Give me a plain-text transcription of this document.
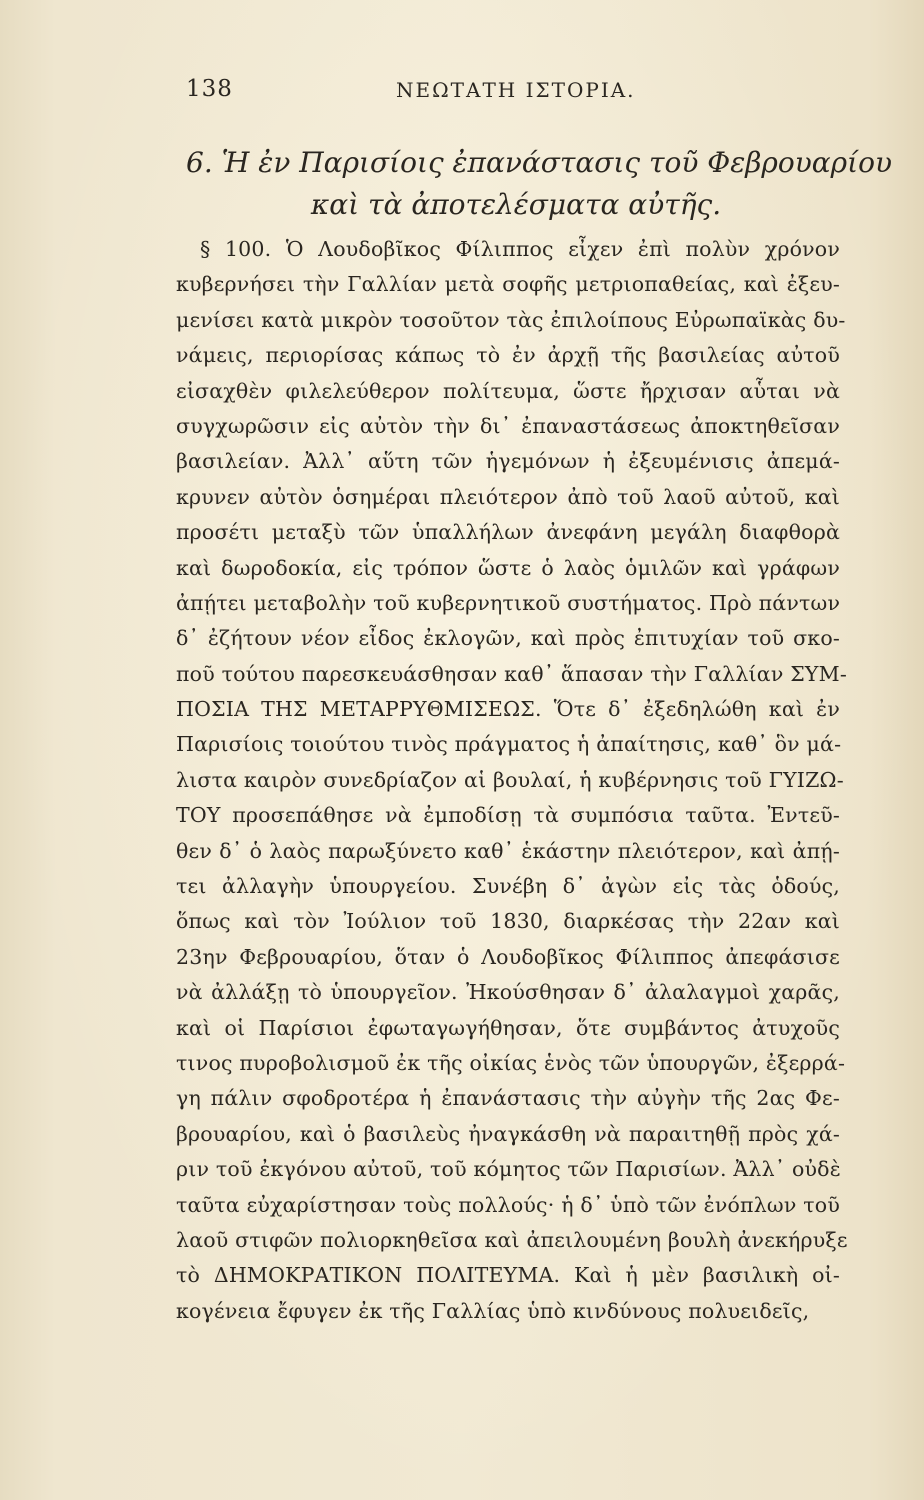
138	ΝΕΩΤΑΤΗ ΙΣΤΟΡΙΑ.
6. Ἡ ἐν Παρισίοις ἐπανάστασις τοῦ Φεβρουαρίου
καὶ τὰ ἀποτελέσματα αὐτῆς.
§ 100. Ὁ Λουδοβῖκος Φίλιππος εἶχεν ἐπὶ πολὺν χρόνον
κυβερνήσει τὴν Γαλλίαν μετὰ σοφῆς μετριοπαθείας, καὶ ἐξευ-
μενίσει κατὰ μικρὸν τοσοῦτον τὰς ἐπιλοίπους Εὐρωπαϊκὰς δυ-
νάμεις, περιορίσας κάπως τὸ ἐν ἀρχῇ τῆς βασιλείας αὐτοῦ
εἰσαχθὲν φιλελεύθερον πολίτευμα, ὥστε ἤρχισαν αὗται νὰ
συγχωρῶσιν εἰς αὐτὸν τὴν δι᾽ ἐπαναστάσεως ἀποκτηθεῖσαν
βασιλείαν. Ἀλλ᾽ αὕτη τῶν ἡγεμόνων ἡ ἐξευμένισις ἀπεμά-
κρυνεν αὐτὸν ὁσημέραι πλειότερον ἀπὸ τοῦ λαοῦ αὐτοῦ, καὶ
προσέτι μεταξὺ τῶν ὑπαλλήλων ἀνεφάνη μεγάλη διαφθορὰ
καὶ δωροδοκία, εἰς τρόπον ὥστε ὁ λαὸς ὁμιλῶν καὶ γράφων
ἀπῄτει μεταβολὴν τοῦ κυβερνητικοῦ συστήματος. Πρὸ πάντων
δ᾽ ἐζήτουν νέον εἶδος ἐκλογῶν, καὶ πρὸς ἐπιτυχίαν τοῦ σκο-
ποῦ τούτου παρεσκευάσθησαν καθ᾽ ἅπασαν τὴν Γαλλίαν ΣΥΜ-
ΠΟΣΙΑ ΤΗΣ ΜΕΤΑΡΡΥΘΜΙΣΕΩΣ. Ὅτε δ᾽ ἐξεδηλώθη καὶ ἐν
Παρισίοις τοιούτου τινὸς πράγματος ἡ ἀπαίτησις, καθ᾽ ὃν μά-
λιστα καιρὸν συνεδρίαζον αἱ βουλαί, ἡ κυβέρνησις τοῦ ΓΥΙΖΩ-
ΤΟΥ προσεπάθησε νὰ ἐμποδίσῃ τὰ συμπόσια ταῦτα. Ἐντεῦ-
θεν δ᾽ ὁ λαὸς παρωξύνετο καθ᾽ ἑκάστην πλειότερον, καὶ ἀπῄ-
τει ἀλλαγὴν ὑπουργείου. Συνέβη δ᾽ ἀγὼν εἰς τὰς ὁδούς,
ὅπως καὶ τὸν Ἰούλιον τοῦ 1830, διαρκέσας τὴν 22αν καὶ
23ην Φεβρουαρίου, ὅταν ὁ Λουδοβῖκος Φίλιππος ἀπεφάσισε
νὰ ἀλλάξῃ τὸ ὑπουργεῖον. Ἠκούσθησαν δ᾽ ἀλαλαγμοὶ χαρᾶς,
καὶ οἱ Παρίσιοι ἐφωταγωγήθησαν, ὅτε συμβάντος ἀτυχοῦς
τινος πυροβολισμοῦ ἐκ τῆς οἰκίας ἑνὸς τῶν ὑπουργῶν, ἐξερρά-
γη πάλιν σφοδροτέρα ἡ ἐπανάστασις τὴν αὐγὴν τῆς 2ας Φε-
βρουαρίου, καὶ ὁ βασιλεὺς ἠναγκάσθη νὰ παραιτηθῇ πρὸς χά-
ριν τοῦ ἐκγόνου αὐτοῦ, τοῦ κόμητος τῶν Παρισίων. Ἀλλ᾽ οὐδὲ
ταῦτα εὐχαρίστησαν τοὺς πολλούς· ἡ δ᾽ ὑπὸ τῶν ἐνόπλων τοῦ
λαοῦ στιφῶν πολιορκηθεῖσα καὶ ἀπειλουμένη βουλὴ ἀνεκήρυξε
τὸ ΔΗΜΟΚΡΑΤΙΚΟΝ ΠΟΛΙΤΕΥΜΑ. Καὶ ἡ μὲν βασιλικὴ οἰ-
κογένεια ἔφυγεν ἐκ τῆς Γαλλίας ὑπὸ κινδύνους πολυειδεῖς,
